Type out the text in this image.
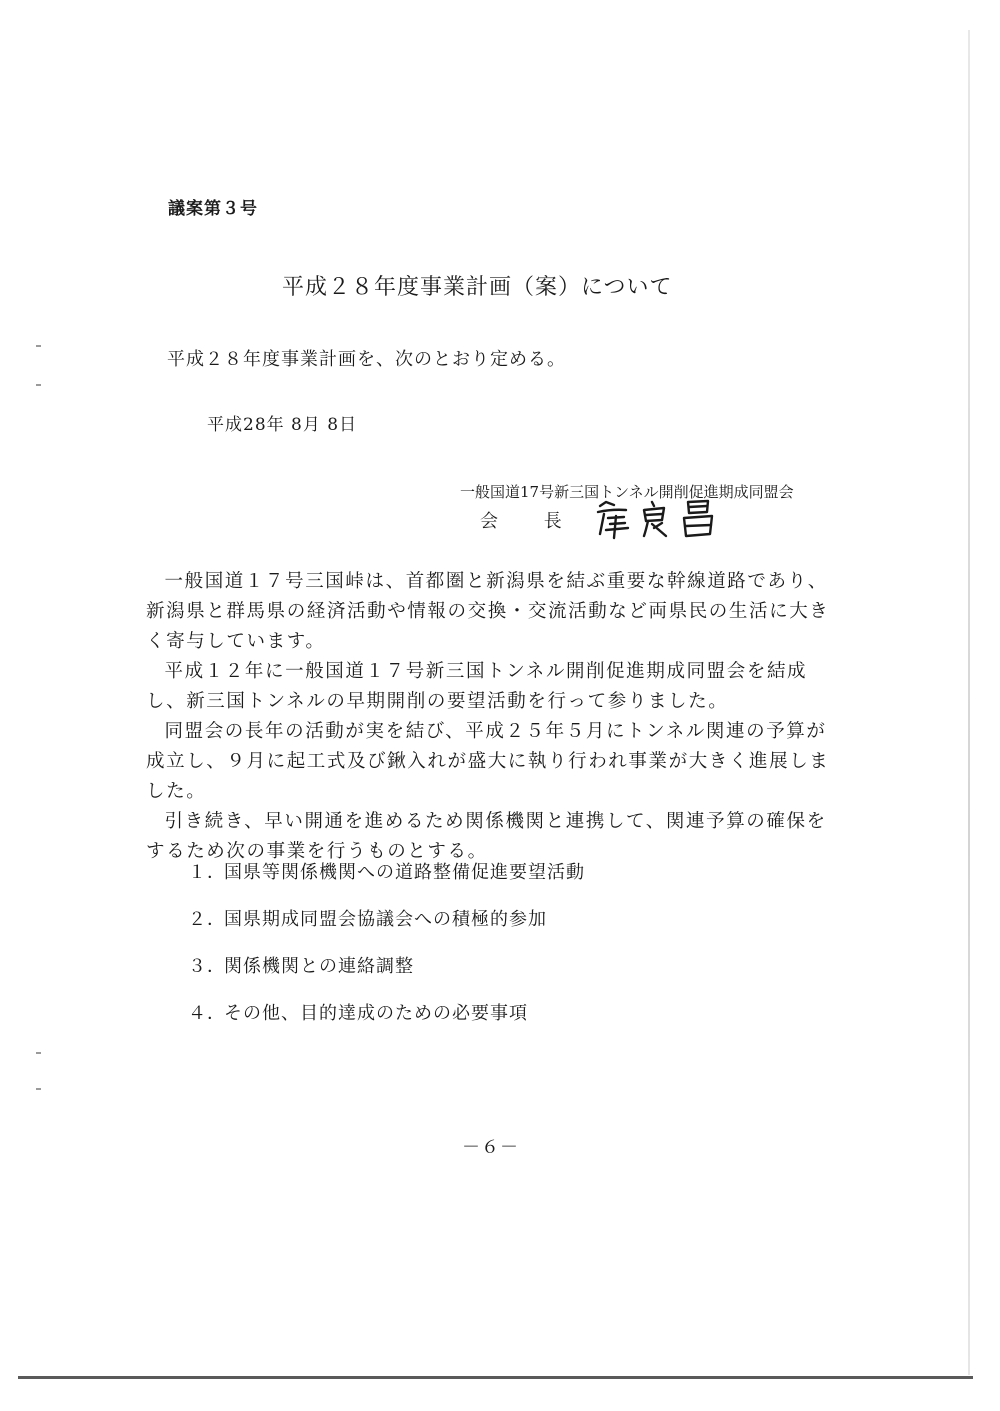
議案第３号
平成２８年度事業計画（案）について
平成２８年度事業計画を、次のとおり定める。
平成28年 8月 8日
一般国道17号新三国トンネル開削促進期成同盟会
会 長

一般国道１７号三国峠は、首都圏と新潟県を結ぶ重要な幹線道路であり、新潟県と群馬県の経済活動や情報の交換・交流活動など両県民の生活に大きく寄与しています。

平成１２年に一般国道１７号新三国トンネル開削促進期成同盟会を結成し、新三国トンネルの早期開削の要望活動を行って参りました。

同盟会の長年の活動が実を結び、平成２５年５月にトンネル関連の予算が成立し、９月に起工式及び鍬入れが盛大に執り行われ事業が大きく進展しました。

引き続き、早い開通を進めるため関係機関と連携して、関連予算の確保をするため次の事業を行うものとする。

１．国県等関係機関への道路整備促進要望活動
２．国県期成同盟会協議会への積極的参加
３．関係機関との連絡調整
４．その他、目的達成のための必要事項
－６－
